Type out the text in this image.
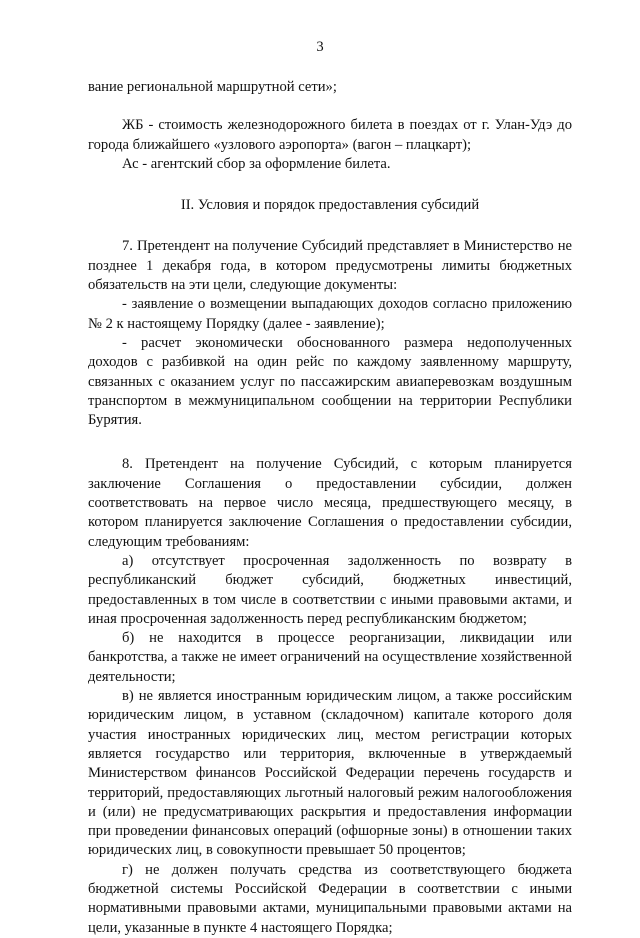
3

вание региональной маршрутной сети»;

ЖБ - стоимость железнодорожного билета в поездах от г. Улан-Удэ до города ближайшего «узлового аэропорта» (вагон – плацкарт);

Ас - агентский сбор за оформление билета.

II. Условия и порядок предоставления субсидий

7. Претендент на получение Субсидий представляет в Министерство не позднее 1 декабря года, в котором предусмотрены лимиты бюджетных обязательств на эти цели, следующие документы:

- заявление о возмещении выпадающих доходов согласно приложению № 2 к настоящему Порядку (далее - заявление);

- расчет экономически обоснованного размера недополученных доходов с разбивкой на один рейс по каждому заявленному маршруту, связанных с оказанием услуг по пассажирским авиаперевозкам воздушным транспортом в межмуниципальном сообщении на территории Республики Бурятия.

8. Претендент на получение Субсидий, с которым планируется заключение Соглашения о предоставлении субсидии, должен соответствовать на первое число месяца, предшествующего месяцу, в котором планируется заключение Соглашения о предоставлении субсидии, следующим требованиям:

а) отсутствует просроченная задолженность по возврату в республиканский бюджет субсидий, бюджетных инвестиций, предоставленных в том числе в соответствии с иными правовыми актами, и иная просроченная задолженность перед республиканским бюджетом;

б) не находится в процессе реорганизации, ликвидации или банкротства, а также не имеет ограничений на осуществление хозяйственной деятельности;

в) не является иностранным юридическим лицом, а также российским юридическим лицом, в уставном (складочном) капитале которого доля участия иностранных юридических лиц, местом регистрации которых является государство или территория, включенные в утверждаемый Министерством финансов Российской Федерации перечень государств и территорий, предоставляющих льготный налоговый режим налогообложения и (или) не предусматривающих раскрытия и предоставления информации при проведении финансовых операций (офшорные зоны) в отношении таких юридических лиц, в совокупности превышает 50 процентов;

г) не должен получать средства из соответствующего бюджета бюджетной системы Российской Федерации в соответствии с иными нормативными правовыми актами, муниципальными правовыми актами на цели, указанные в пункте 4 настоящего Порядка;
